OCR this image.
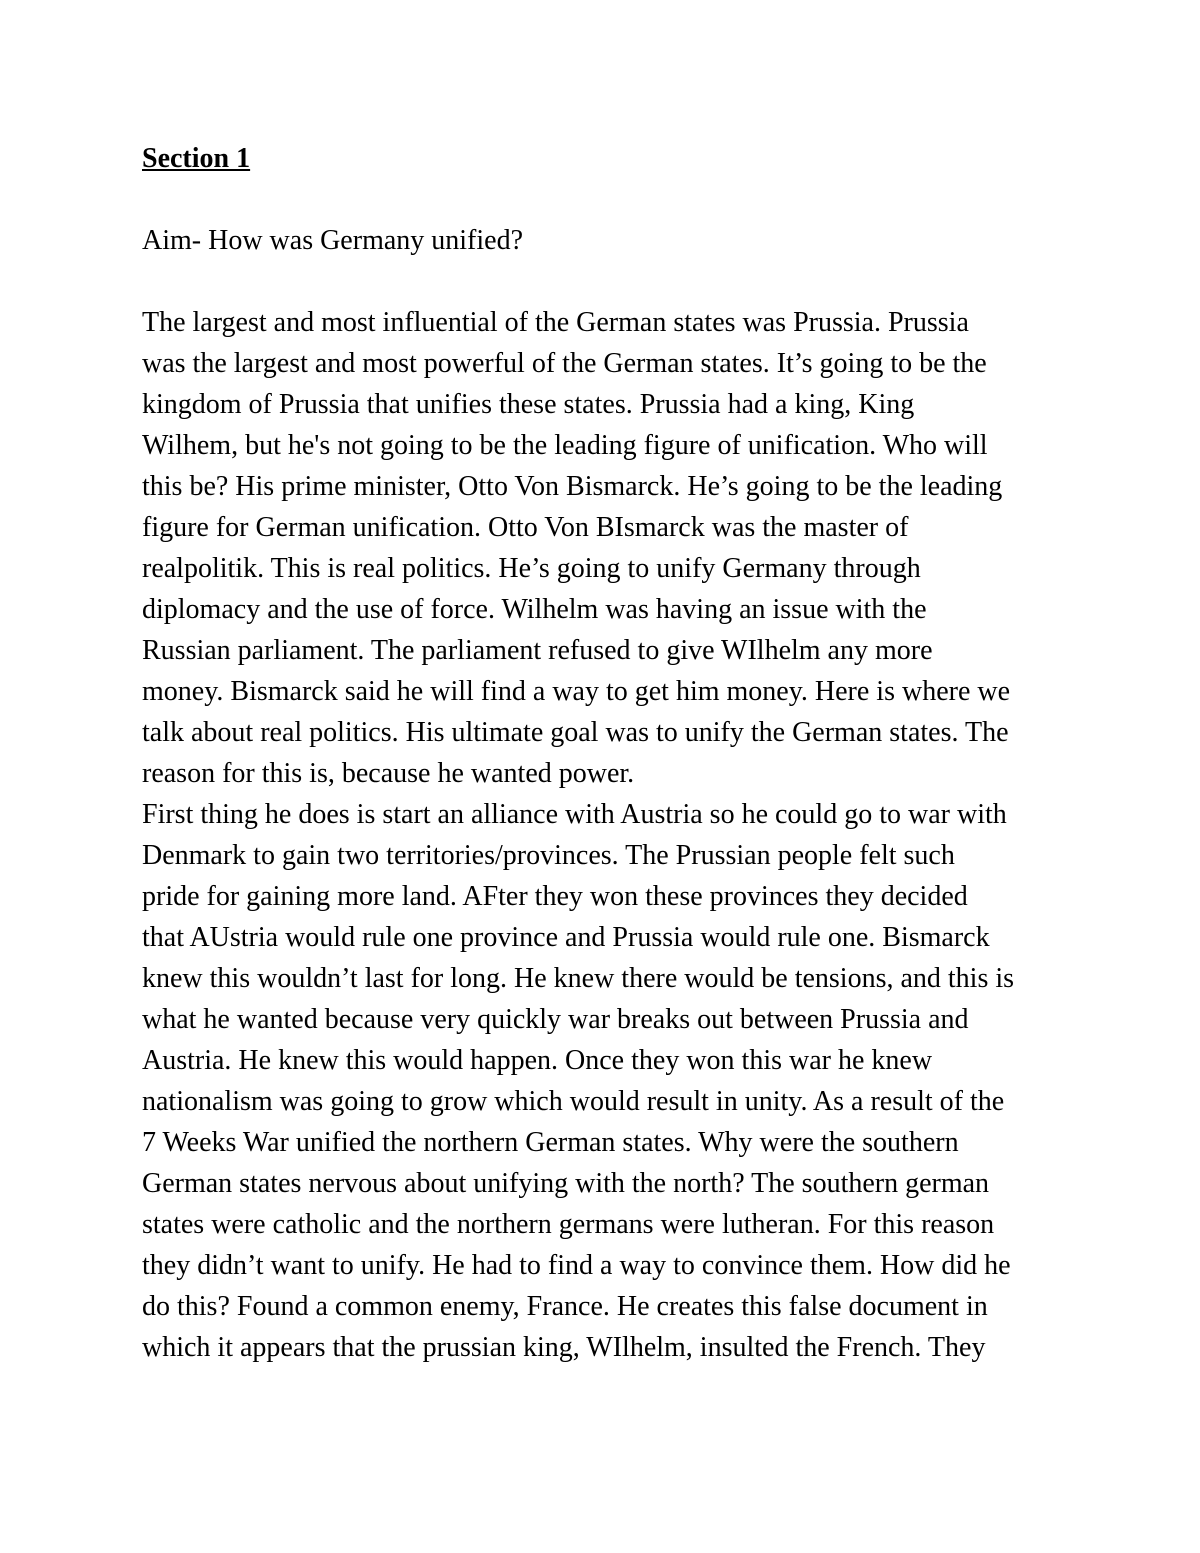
Section 1

Aim- How was Germany unified?

The largest and most influential of the German states was Prussia. Prussia

was the largest and most powerful of the German states. It’s going to be the

kingdom of Prussia that unifies these states. Prussia had a king, King

Wilhem, but he's not going to be the leading figure of unification. Who will

this be? His prime minister, Otto Von Bismarck. He’s going to be the leading

figure for German unification. Otto Von BIsmarck was the master of

realpolitik. This is real politics. He’s going to unify Germany through

diplomacy and the use of force. Wilhelm was having an issue with the

Russian parliament. The parliament refused to give WIlhelm any more

money. Bismarck said he will find a way to get him money. Here is where we

talk about real politics. His ultimate goal was to unify the German states. The

reason for this is, because he wanted power.

First thing he does is start an alliance with Austria so he could go to war with

Denmark to gain two territories/provinces. The Prussian people felt such

pride for gaining more land. AFter they won these provinces they decided

that AUstria would rule one province and Prussia would rule one. Bismarck

knew this wouldn’t last for long. He knew there would be tensions, and this is

what he wanted because very quickly war breaks out between Prussia and

Austria. He knew this would happen. Once they won this war he knew

nationalism was going to grow which would result in unity. As a result of the

7 Weeks War unified the northern German states. Why were the southern

German states nervous about unifying with the north? The southern german

states were catholic and the northern germans were lutheran. For this reason

they didn’t want to unify. He had to find a way to convince them. How did he

do this? Found a common enemy, France. He creates this false document in

which it appears that the prussian king, WIlhelm, insulted the French. They
